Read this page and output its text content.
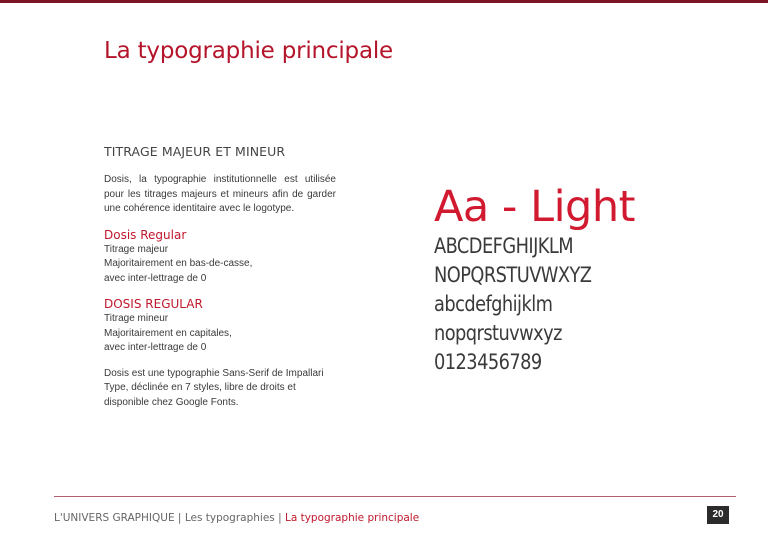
La typographie principale
TITRAGE MAJEUR ET MINEUR

Dosis, la typographie institutionnelle est utilisée pour les titrages majeurs et mineurs afin de garder une cohérence identitaire avec le logotype.

Dosis Regular

Titrage majeur

Majoritairement en bas-de-casse,

avec inter-lettrage de 0

DOSIS REGULAR

Titrage mineur

Majoritairement en capitales,

avec inter-lettrage de 0

Dosis est une typographie Sans-Serif de Impallari Type, déclinée en 7 styles, libre de droits et disponible chez Google Fonts.

Aa - Light
ABCDEFGHIJKLM
NOPQRSTUVWXYZ
abcdefghijklm
nopqrstuvwxyz
0123456789
L'UNIVERS GRAPHIQUE | Les typographies | La typographie principale	20
